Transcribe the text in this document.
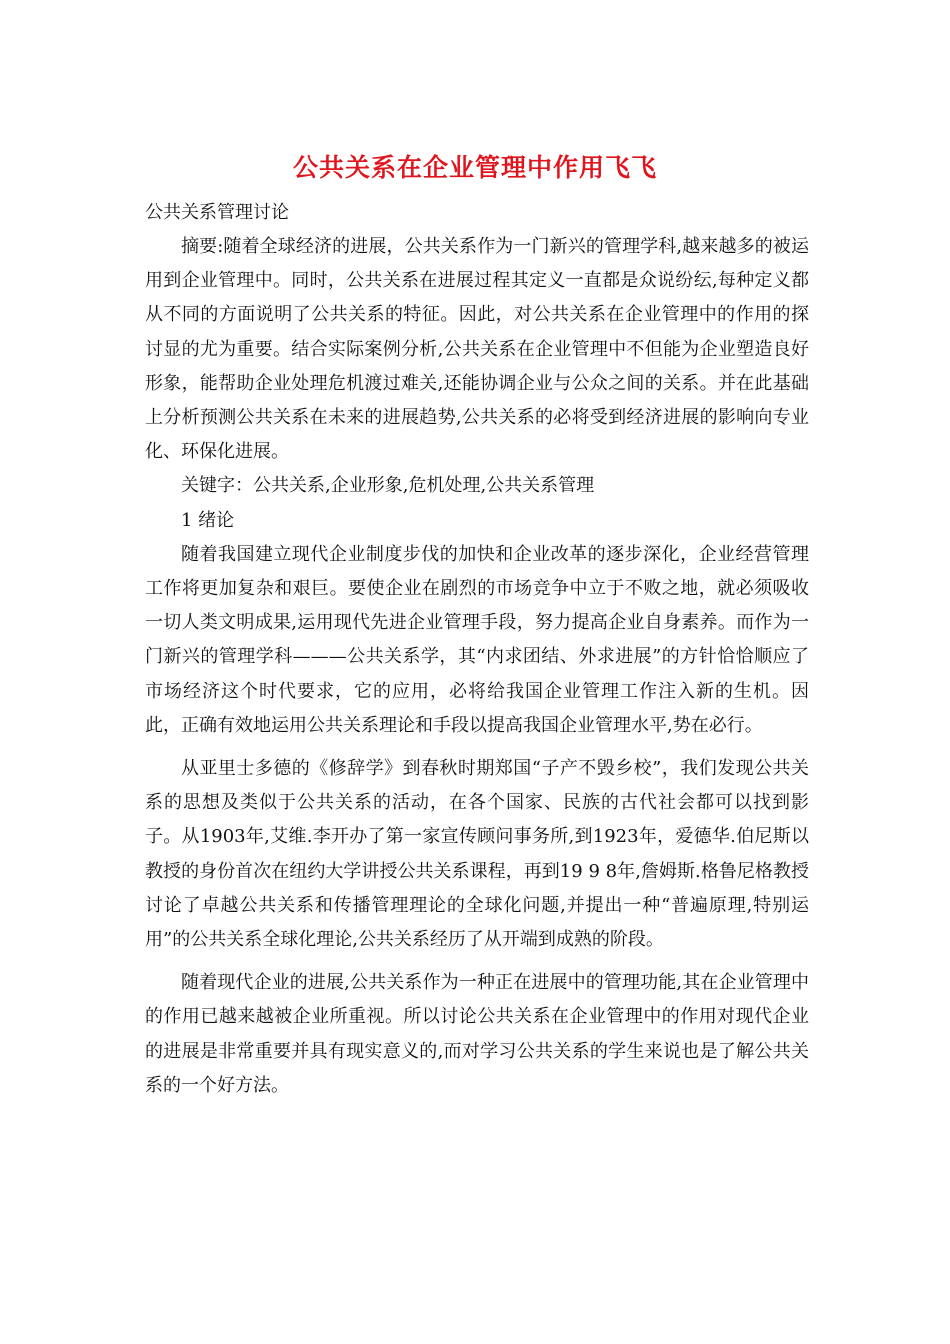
公共关系在企业管理中作用飞飞
公共关系管理讨论

摘要:随着全球经济的进展，公共关系作为一门新兴的管理学科,越来越多的被运用到企业管理中。同时，公共关系在进展过程其定义一直都是众说纷纭,每种定义都从不同的方面说明了公共关系的特征。因此，对公共关系在企业管理中的作用的探讨显的尤为重要。结合实际案例分析,公共关系在企业管理中不但能为企业塑造良好形象，能帮助企业处理危机渡过难关,还能协调企业与公众之间的关系。并在此基础上分析预测公共关系在未来的进展趋势,公共关系的必将受到经济进展的影响向专业化、环保化进展。

关键字：公共关系,企业形象,危机处理,公共关系管理

1 绪论

随着我国建立现代企业制度步伐的加快和企业改革的逐步深化，企业经营管理工作将更加复杂和艰巨。要使企业在剧烈的市场竞争中立于不败之地，就必须吸收一切人类文明成果,运用现代先进企业管理手段，努力提高企业自身素养。而作为一门新兴的管理学科———公共关系学，其“内求团结、外求进展”的方针恰恰顺应了市场经济这个时代要求，它的应用，必将给我国企业管理工作注入新的生机。因此，正确有效地运用公共关系理论和手段以提高我国企业管理水平,势在必行。

从亚里士多德的《修辞学》到春秋时期郑国“子产不毁乡校”，我们发现公共关系的思想及类似于公共关系的活动，在各个国家、民族的古代社会都可以找到影子。从1903年,艾维.李开办了第一家宣传顾问事务所,到1923年，爱德华.伯尼斯以教授的身份首次在纽约大学讲授公共关系课程，再到19 9 8年,詹姆斯.格鲁尼格教授讨论了卓越公共关系和传播管理理论的全球化问题,并提出一种“普遍原理,特别运用”的公共关系全球化理论,公共关系经历了从开端到成熟的阶段。

随着现代企业的进展,公共关系作为一种正在进展中的管理功能,其在企业管理中的作用已越来越被企业所重视。所以讨论公共关系在企业管理中的作用对现代企业的进展是非常重要并具有现实意义的,而对学习公共关系的学生来说也是了解公共关系的一个好方法。
